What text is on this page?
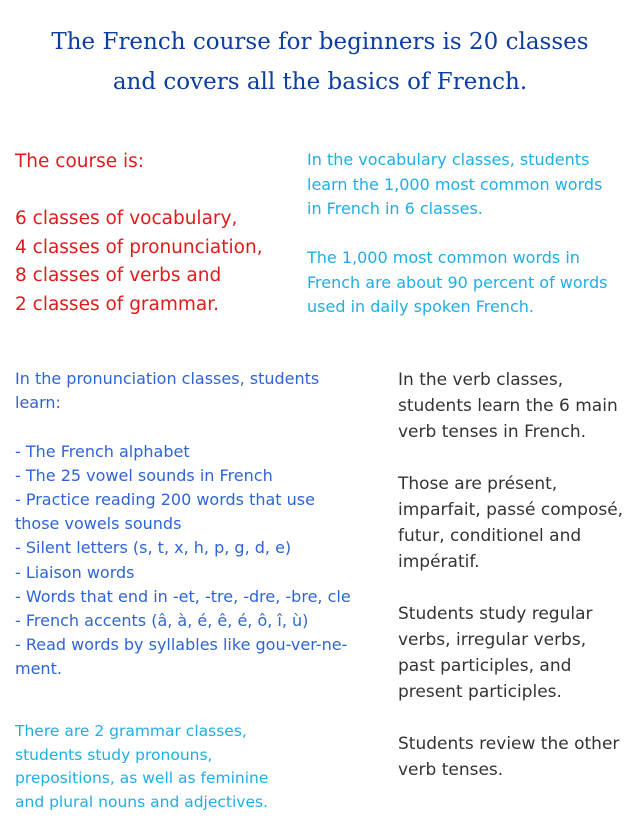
The French course for beginners is 20 classes
and covers all the basics of French.
The course is:
6 classes of vocabulary,
4 classes of pronunciation,
8 classes of verbs and
2 classes of grammar.
In the vocabulary classes, students
learn the 1,000 most common words
in French in 6 classes.
The 1,000 most common words in
French are about 90 percent of words
used in daily spoken French.
In the pronunciation classes, students
learn:
- The French alphabet
- The 25 vowel sounds in French
- Practice reading 200 words that use
those vowels sounds
- Silent letters (s, t, x, h, p, g, d, e)
- Liaison words
- Words that end in -et, -tre, -dre, -bre, cle
- French accents (â, à, é, ê, é, ô, î, ù)
- Read words by syllables like gou-ver-ne-
ment.
There are 2 grammar classes,
students study pronouns,
prepositions, as well as feminine
and plural nouns and adjectives.
In the verb classes,
students learn the 6 main
verb tenses in French.
Those are présent,
imparfait, passé composé,
futur, conditionel and
impératif.
Students study regular
verbs, irregular verbs,
past participles, and
present participles.
Students review the other
verb tenses.
